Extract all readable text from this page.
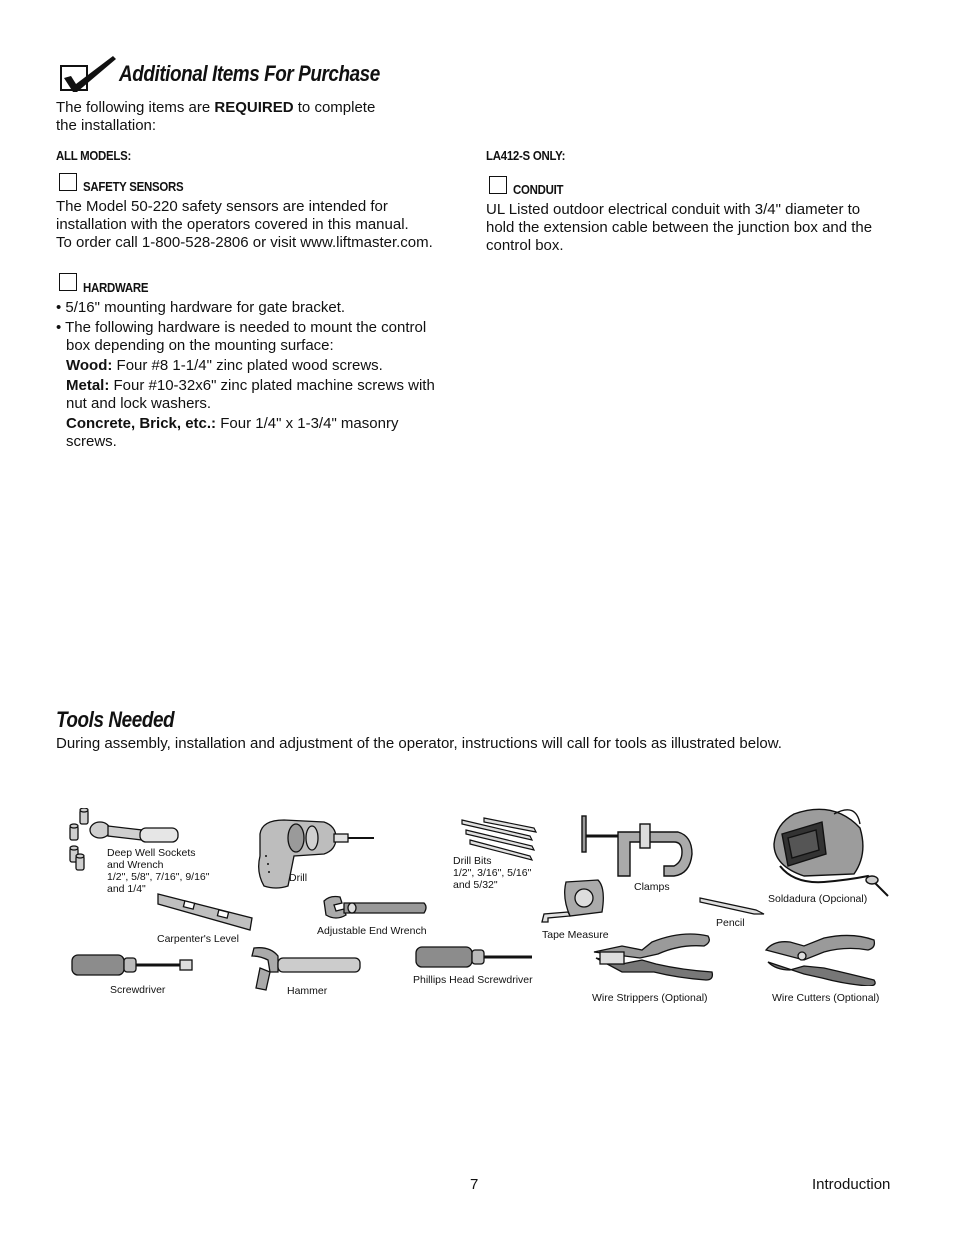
Additional Items For Purchase
The following items are REQUIRED to complete
the installation:
ALL MODELS:
SAFETY SENSORS
The Model 50-220 safety sensors are intended for
installation with the operators covered in this manual.
To order call 1-800-528-2806 or visit www.liftmaster.com.
HARDWARE
• 5/16" mounting hardware for gate bracket.
• The following hardware is needed to mount the control
box depending on the mounting surface:
Wood: Four #8 1-1/4" zinc plated wood screws.
Metal: Four #10-32x6" zinc plated machine screws with
nut and lock washers.
Concrete, Brick, etc.: Four 1/4" x 1-3/4" masonry
screws.
LA412-S ONLY:
CONDUIT
UL Listed outdoor electrical conduit with 3/4" diameter to
hold the extension cable between the junction box and the
control box.
Tools Needed
During assembly, installation and adjustment of the operator, instructions will call for tools as illustrated below.
Deep Well Sockets
and Wrench
1/2", 5/8", 7/16", 9/16"
and 1/4"
Drill
Drill Bits
1/2", 3/16", 5/16"
and 5/32"	Clamps
Soldadura (Opcional)
Carpenter's Level
Adjustable End Wrench	Tape Measure
Pencil
Screwdriver	Hammer
Phillips Head Screwdriver
Wire Strippers (Optional)	Wire Cutters (Optional)
7	Introduction
